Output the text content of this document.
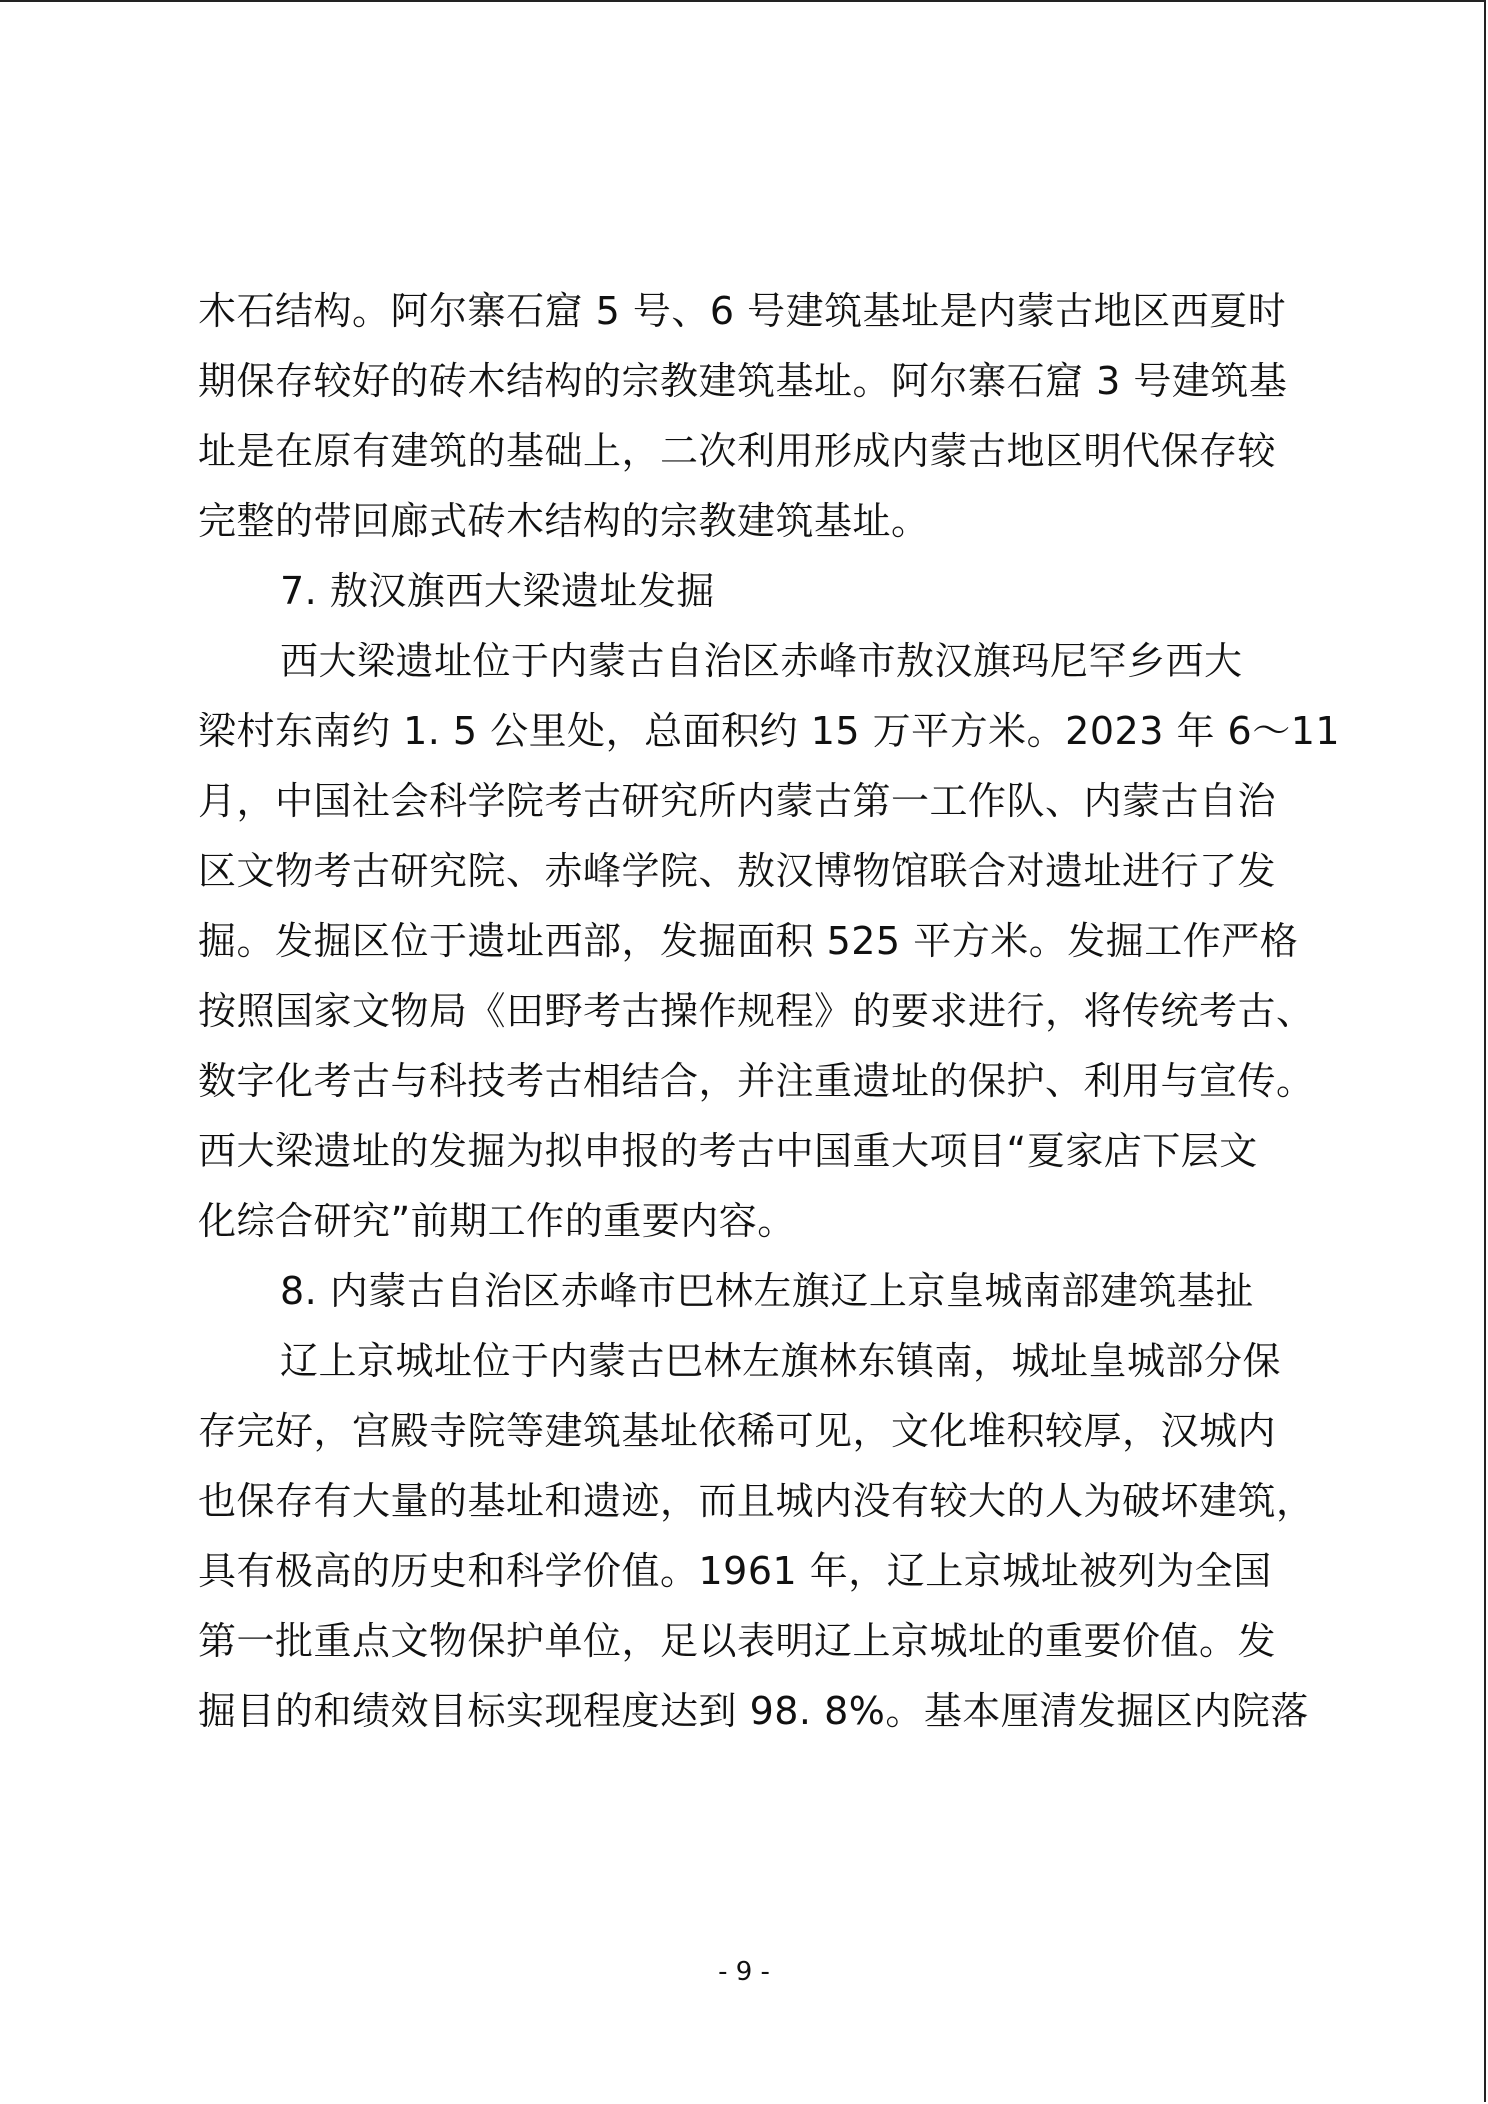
木石结构。阿尔寨石窟 5 号、6 号建筑基址是内蒙古地区西夏时
期保存较好的砖木结构的宗教建筑基址。阿尔寨石窟 3 号建筑基
址是在原有建筑的基础上，二次利用形成内蒙古地区明代保存较
完整的带回廊式砖木结构的宗教建筑基址。
7. 敖汉旗西大梁遗址发掘
西大梁遗址位于内蒙古自治区赤峰市敖汉旗玛尼罕乡西大
梁村东南约 1. 5 公里处，总面积约 15 万平方米。2023 年 6～11
月，中国社会科学院考古研究所内蒙古第一工作队、内蒙古自治
区文物考古研究院、赤峰学院、敖汉博物馆联合对遗址进行了发
掘。发掘区位于遗址西部，发掘面积 525 平方米。发掘工作严格
按照国家文物局《田野考古操作规程》的要求进行，将传统考古、
数字化考古与科技考古相结合，并注重遗址的保护、利用与宣传。
西大梁遗址的发掘为拟申报的考古中国重大项目“夏家店下层文
化综合研究”前期工作的重要内容。
8. 内蒙古自治区赤峰市巴林左旗辽上京皇城南部建筑基扯
辽上京城址位于内蒙古巴林左旗林东镇南，城址皇城部分保
存完好，宫殿寺院等建筑基址依稀可见，文化堆积较厚，汉城内
也保存有大量的基址和遗迹，而且城内没有较大的人为破坏建筑，
具有极高的历史和科学价值。1961 年，辽上京城址被列为全国
第一批重点文物保护单位，足以表明辽上京城址的重要价值。发
掘目的和绩效目标实现程度达到 98. 8%。基本厘清发掘区内院落
- 9 -
